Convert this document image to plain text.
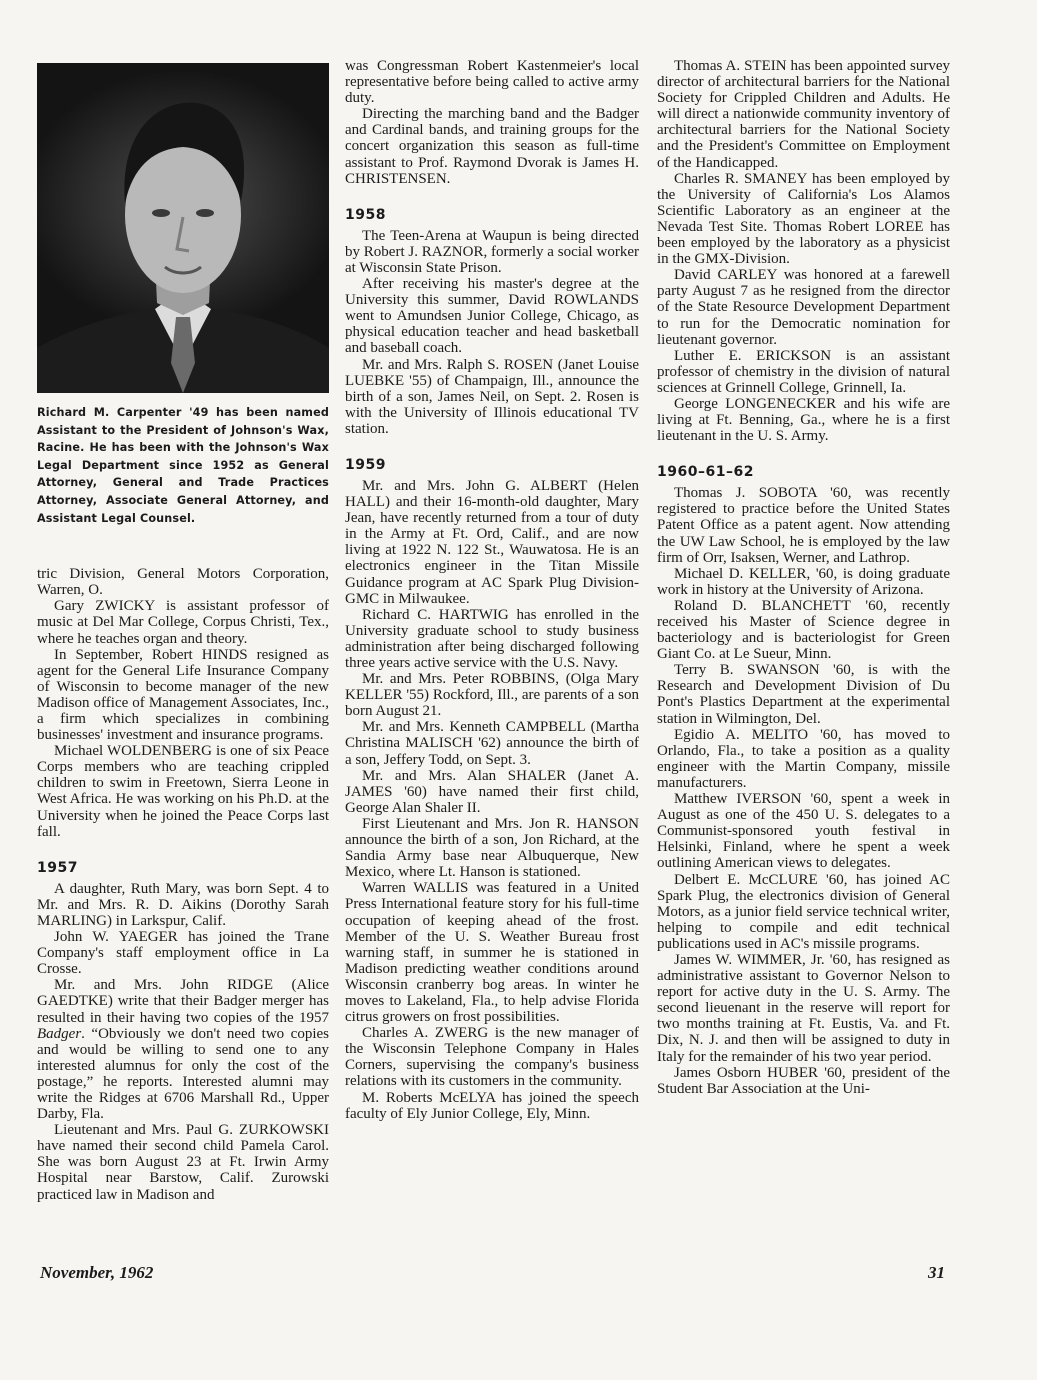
Richard M. Carpenter '49 has been named Assistant to the President of Johnson's Wax, Racine. He has been with the Johnson's Wax Legal Department since 1952 as General Attorney, General and Trade Practices Attorney, Associate General Attorney, and Assistant Legal Counsel.

tric Division, General Motors Corporation, Warren, O.

Gary ZWICKY is assistant professor of music at Del Mar College, Corpus Christi, Tex., where he teaches organ and theory.

In September, Robert HINDS resigned as agent for the General Life Insurance Company of Wisconsin to become manager of the new Madison office of Management Associates, Inc., a firm which specializes in combining businesses' investment and insurance programs.

Michael WOLDENBERG is one of six Peace Corps members who are teaching crippled children to swim in Freetown, Sierra Leone in West Africa. He was working on his Ph.D. at the University when he joined the Peace Corps last fall.

1957

A daughter, Ruth Mary, was born Sept. 4 to Mr. and Mrs. R. D. Aikins (Dorothy Sarah MARLING) in Larkspur, Calif.

John W. YAEGER has joined the Trane Company's staff employment office in La Crosse.

Mr. and Mrs. John RIDGE (Alice GAEDTKE) write that their Badger merger has resulted in their having two copies of the 1957 Badger. “Obviously we don't need two copies and would be willing to send one to any interested alumnus for only the cost of the postage,” he reports. Interested alumni may write the Ridges at 6706 Marshall Rd., Upper Darby, Fla.

Lieutenant and Mrs. Paul G. ZURKOWSKI have named their second child Pamela Carol. She was born August 23 at Ft. Irwin Army Hospital near Barstow, Calif. Zurowski practiced law in Madison and

was Congressman Robert Kastenmeier's local representative before being called to active army duty.

Directing the marching band and the Badger and Cardinal bands, and training groups for the concert organization this season as full-time assistant to Prof. Raymond Dvorak is James H. CHRISTENSEN.

1958

The Teen-Arena at Waupun is being directed by Robert J. RAZNOR, formerly a social worker at Wisconsin State Prison.

After receiving his master's degree at the University this summer, David ROWLANDS went to Amundsen Junior College, Chicago, as physical education teacher and head basketball and baseball coach.

Mr. and Mrs. Ralph S. ROSEN (Janet Louise LUEBKE '55) of Champaign, Ill., announce the birth of a son, James Neil, on Sept. 2. Rosen is with the University of Illinois educational TV station.

1959

Mr. and Mrs. John G. ALBERT (Helen HALL) and their 16-month-old daughter, Mary Jean, have recently returned from a tour of duty in the Army at Ft. Ord, Calif., and are now living at 1922 N. 122 St., Wauwatosa. He is an electronics engineer in the Titan Missile Guidance program at AC Spark Plug Division-GMC in Milwaukee.

Richard C. HARTWIG has enrolled in the University graduate school to study business administration after being discharged following three years active service with the U.S. Navy.

Mr. and Mrs. Peter ROBBINS, (Olga Mary KELLER '55) Rockford, Ill., are parents of a son born August 21.

Mr. and Mrs. Kenneth CAMPBELL (Martha Christina MALISCH '62) announce the birth of a son, Jeffery Todd, on Sept. 3.

Mr. and Mrs. Alan SHALER (Janet A. JAMES '60) have named their first child, George Alan Shaler II.

First Lieutenant and Mrs. Jon R. HANSON announce the birth of a son, Jon Richard, at the Sandia Army base near Albuquerque, New Mexico, where Lt. Hanson is stationed.

Warren WALLIS was featured in a United Press International feature story for his full-time occupation of keeping ahead of the frost. Member of the U. S. Weather Bureau frost warning staff, in summer he is stationed in Madison predicting weather conditions around Wisconsin cranberry bog areas. In winter he moves to Lakeland, Fla., to help advise Florida citrus growers on frost possibilities.

Charles A. ZWERG is the new manager of the Wisconsin Telephone Company in Hales Corners, supervising the company's business relations with its customers in the community.

M. Roberts McELYA has joined the speech faculty of Ely Junior College, Ely, Minn.

Thomas A. STEIN has been appointed survey director of architectural barriers for the National Society for Crippled Children and Adults. He will direct a nationwide community inventory of architectural barriers for the National Society and the President's Committee on Employment of the Handicapped.

Charles R. SMANEY has been employed by the University of California's Los Alamos Scientific Laboratory as an engineer at the Nevada Test Site. Thomas Robert LOREE has been employed by the laboratory as a physicist in the GMX-Division.

David CARLEY was honored at a farewell party August 7 as he resigned from the director of the State Resource Development Department to run for the Democratic nomination for lieutenant governor.

Luther E. ERICKSON is an assistant professor of chemistry in the division of natural sciences at Grinnell College, Grinnell, Ia.

George LONGENECKER and his wife are living at Ft. Benning, Ga., where he is a first lieutenant in the U. S. Army.

1960–61–62

Thomas J. SOBOTA '60, was recently registered to practice before the United States Patent Office as a patent agent. Now attending the UW Law School, he is employed by the law firm of Orr, Isaksen, Werner, and Lathrop.

Michael D. KELLER, '60, is doing graduate work in history at the University of Arizona.

Roland D. BLANCHETT '60, recently received his Master of Science degree in bacteriology and is bacteriologist for Green Giant Co. at Le Sueur, Minn.

Terry B. SWANSON '60, is with the Research and Development Division of Du Pont's Plastics Department at the experimental station in Wilmington, Del.

Egidio A. MELITO '60, has moved to Orlando, Fla., to take a position as a quality engineer with the Martin Company, missile manufacturers.

Matthew IVERSON '60, spent a week in August as one of the 450 U. S. delegates to a Communist-sponsored youth festival in Helsinki, Finland, where he spent a week outlining American views to delegates.

Delbert E. McCLURE '60, has joined AC Spark Plug, the electronics division of General Motors, as a junior field service technical writer, helping to compile and edit technical publications used in AC's missile programs.

James W. WIMMER, Jr. '60, has resigned as administrative assistant to Governor Nelson to report for active duty in the U. S. Army. The second lieuenant in the reserve will report for two months training at Ft. Eustis, Va. and Ft. Dix, N. J. and then will be assigned to duty in Italy for the remainder of his two year period.

James Osborn HUBER '60, president of the Student Bar Association at the Uni-

November, 1962	31
